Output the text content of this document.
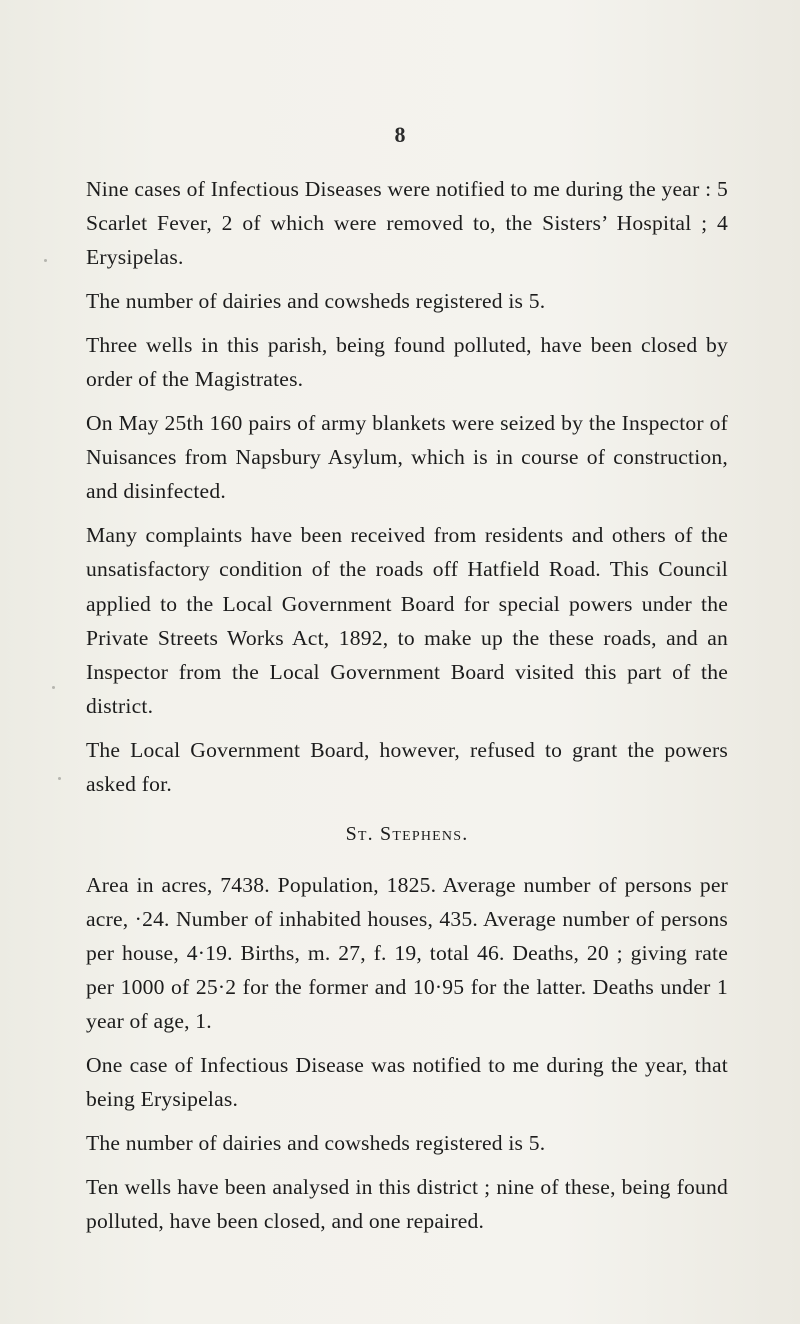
8

Nine cases of Infectious Diseases were notified to me during the year : 5 Scarlet Fever, 2 of which were removed to, the Sisters’ Hospital ; 4 Erysipelas.

The number of dairies and cowsheds registered is 5.

Three wells in this parish, being found polluted, have been closed by order of the Magistrates.

On May 25th 160 pairs of army blankets were seized by the Inspector of Nuisances from Napsbury Asylum, which is in course of construction, and disinfected.

Many complaints have been received from residents and others of the unsatisfactory condition of the roads off Hatfield Road. This Council applied to the Local Government Board for special powers under the Private Streets Works Act, 1892, to make up the these roads, and an Inspector from the Local Government Board visited this part of the district.

The Local Government Board, however, refused to grant the powers asked for.

St. Stephens.

Area in acres, 7438. Population, 1825. Average number of persons per acre, ·24. Number of inhabited houses, 435. Average number of persons per house, 4·19. Births, m. 27, f. 19, total 46. Deaths, 20 ; giving rate per 1000 of 25·2 for the former and 10·95 for the latter. Deaths under 1 year of age, 1.

One case of Infectious Disease was notified to me during the year, that being Erysipelas.

The number of dairies and cowsheds registered is 5.

Ten wells have been analysed in this district ; nine of these, being found polluted, have been closed, and one repaired.
